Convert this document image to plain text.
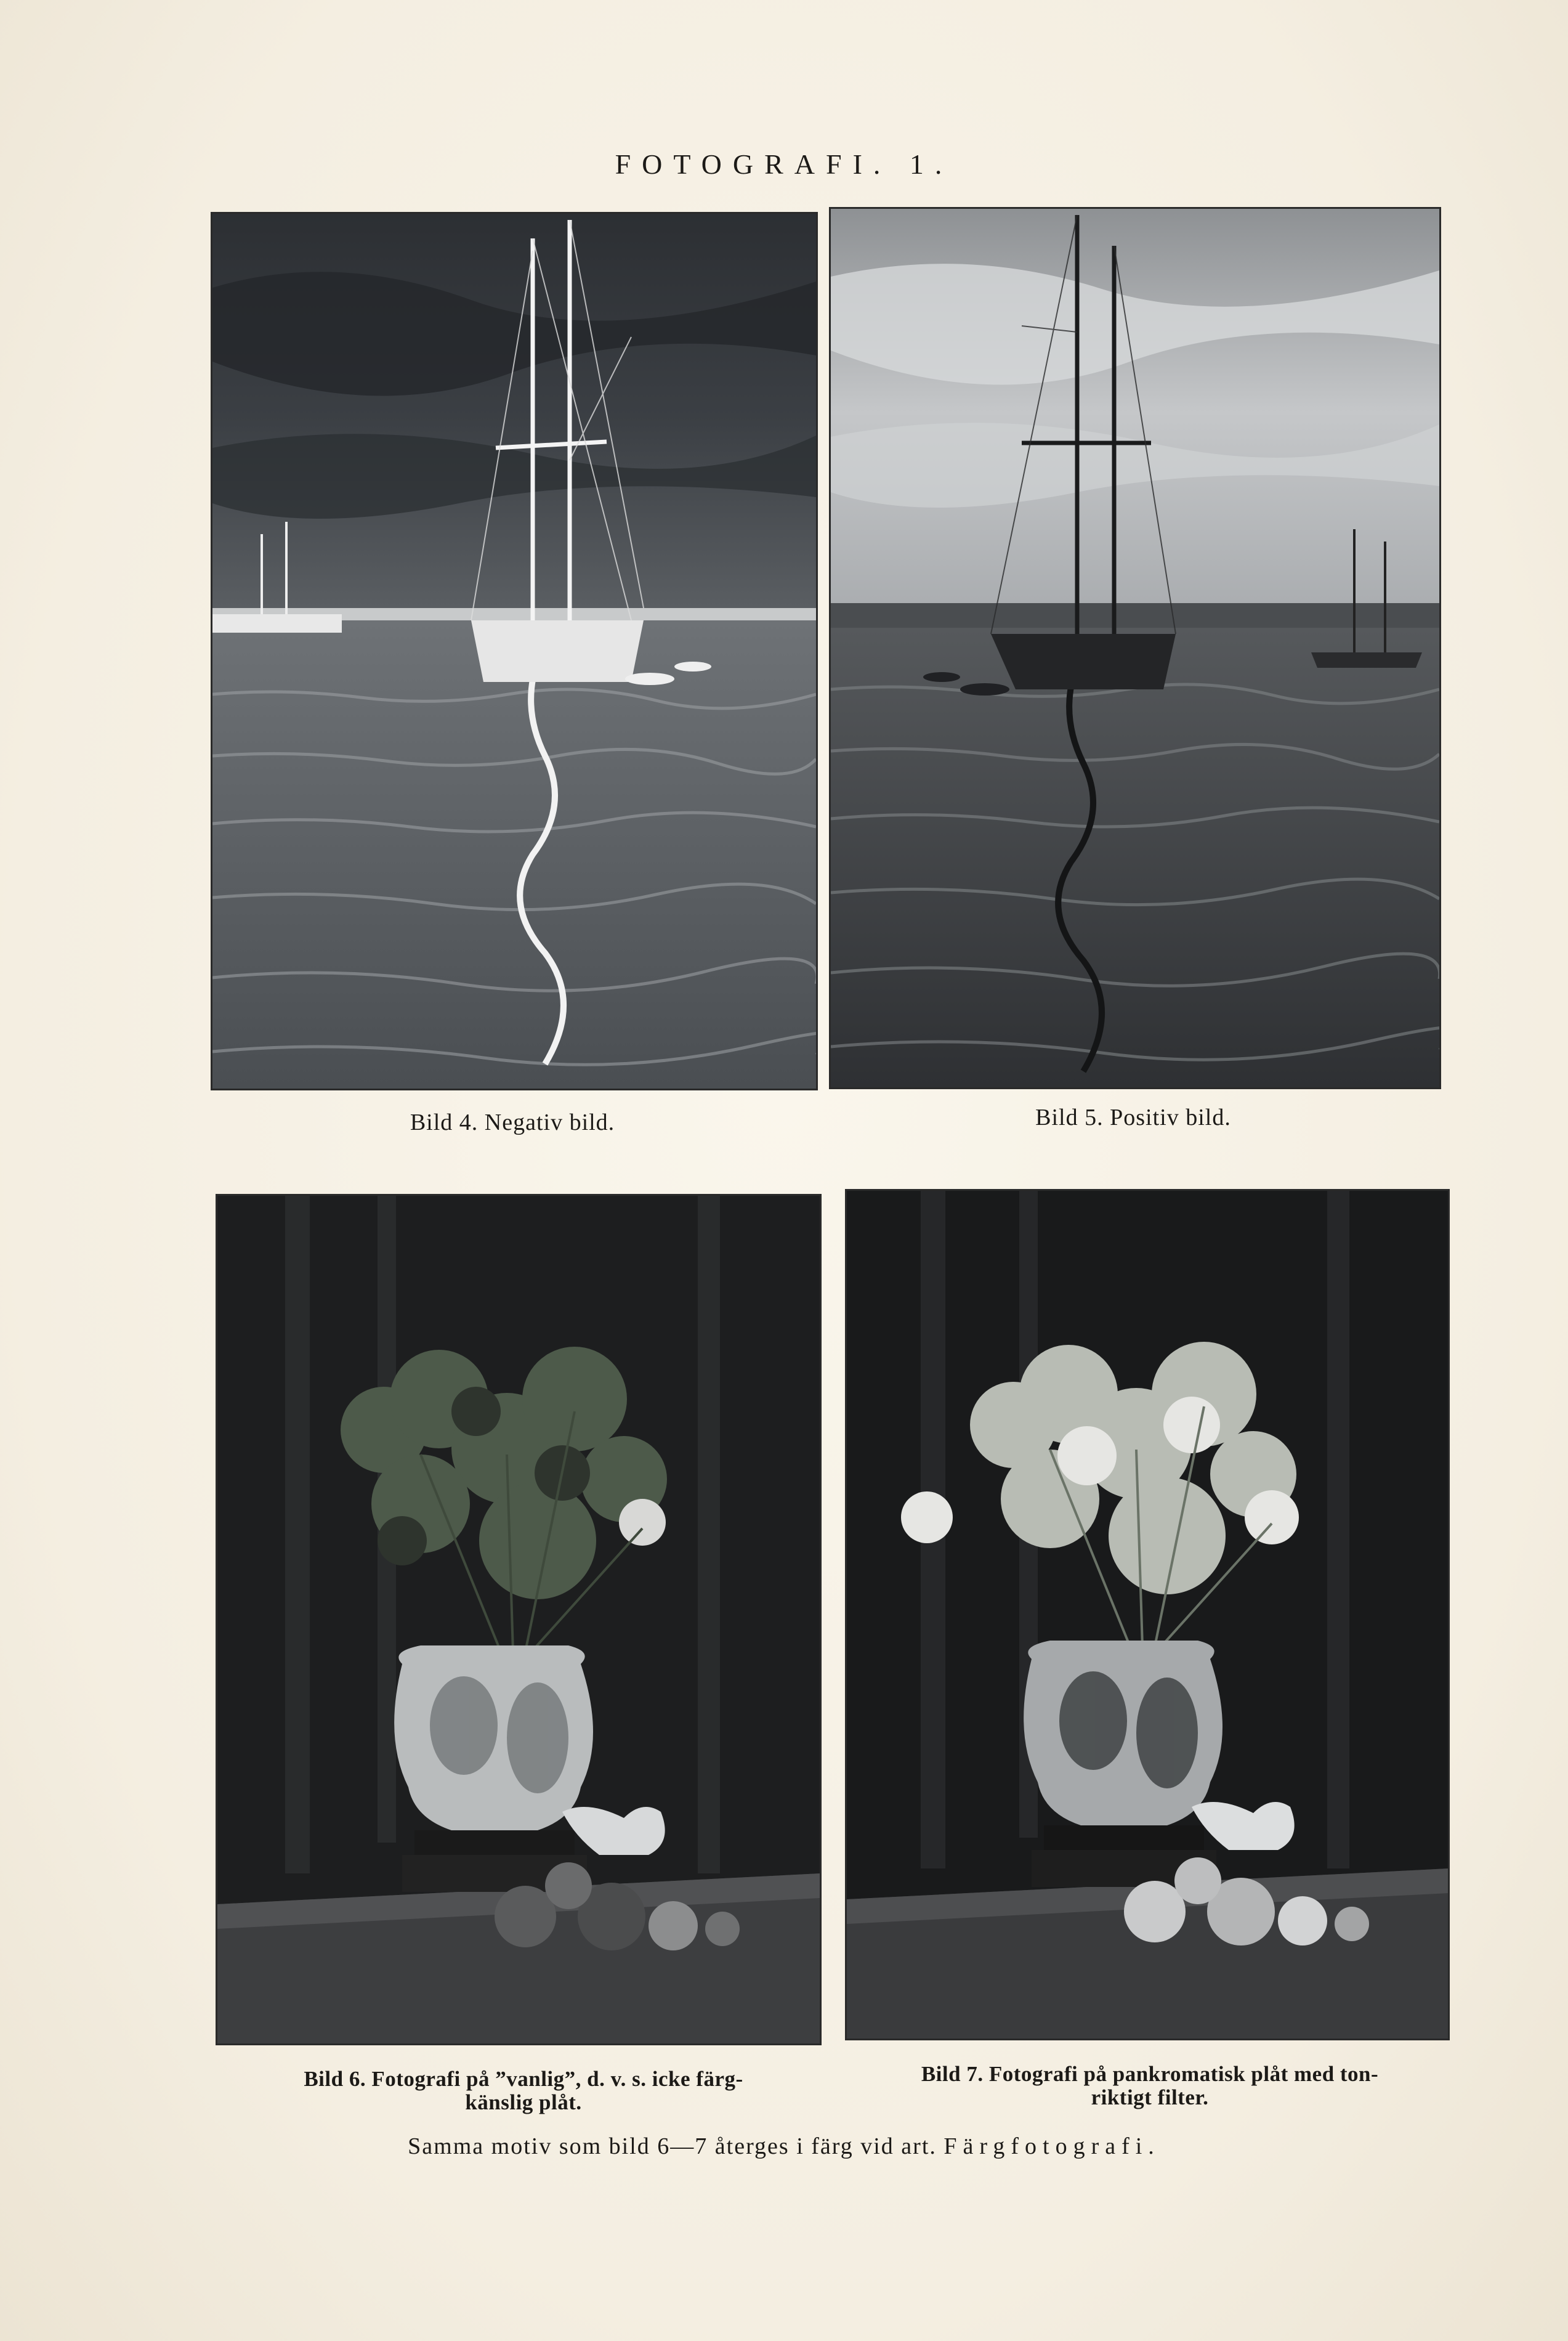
FOTOGRAFI. 1.
Bild 4. Negativ bild.	Bild 5. Positiv bild.
Bild 6. Fotografi på ”vanlig”, d. v. s. icke färg-
känslig plåt.
Bild 7. Fotografi på pankromatisk plåt med ton-
riktigt filter.
Samma motiv som bild 6—7 återges i färg vid art. Färgfotografi.
